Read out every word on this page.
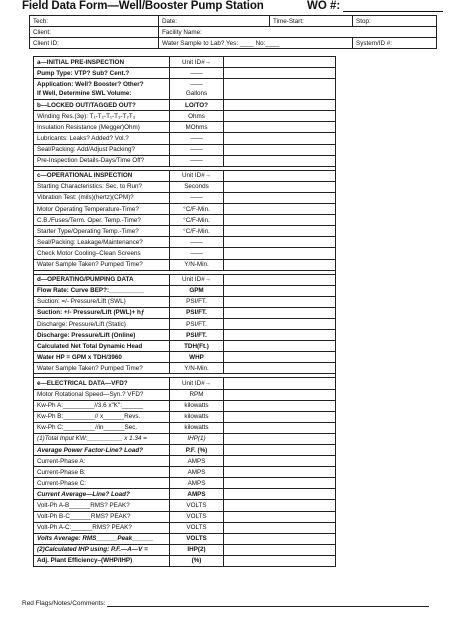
Field Data Form—Well/Booster Pump Station	WO #:
Tech:	Date:	Time-Start:	Stop:
Client:	Facility Name:		
Client ID:	Water Sample to Lab? Yes: ____ No:____		System/ID #:
a—INITIAL PRE-INSPECTION	Unit ID#→	
Pump Type: VTP? Sub? Cent.?	——	
Application: Well? Booster? Other?
If Well, Determine SWL Volume:	——
Gallons	
b—LOCKED OUT/TAGGED OUT?	LO/TO?	
Winding Res.(3φ): T₁-T₂-T₁-T₃-T₂T₃	Ohms	
Insulation Resistance (Megger)Ohm)	MOhms	
Lubricants: Leaks? Added? Vol.?	——	
Seal/Packing: Add/Adjust Packing?	——	
Pre-Inspection Details-Days/Time Off?	——	

c—OPERATIONAL INSPECTION	Unit ID#→	
Starting Characteristics: Sec. to Run?	Seconds	
Vibration Test: (mils)(hertz)(CPM)?	——	
Motor Operating Temperature-Time?	°C/F-Min.	
C.B./Fuses/Term. Oper. Temp.-Time?	°C/F-Min.	
Starter Type/Operating Temp.-Time?	°C/F-Min.	
Seal/Packing: Leakage/Maintenance?	——	
Check Motor Cooling–Clean Screens	——	
Water Sample Taken? Pumped Time?	Y/N-Min.	

d—OPERATING/PUMPING DATA	Unit ID#→	
Flow Rate: Curve BEP?:__________	GPM	
Suction: =/- Pressure/Lift (SWL)	PSI/FT.	
Suction: +/- Pressure/Lift (PWL)+ hƒ	PSI/FT.	
Discharge: Pressure/Lift (Static)	PSI/FT.	
Discharge: Pressure/Lift (Online)	PSI/FT.	
Calculated Net Total Dynamic Head	TDH(Ft.)	
Water HP = GPM x TDH/3960	WHP	
Water Sample Taken? Pumped Time?	Y/N-Min.	

e—ELECTRICAL DATA—VFD?	Unit ID#→	
Motor Rotational Speed—Syn.? VFD?	RPM	
Kw-Ph A:_________//3.6 x"K":______	kilowatts	
Kw-Ph B:_________// x______Revs.	kilowatts	
Kw-Ph C:_________//in______Sec.	kilowatts	
(1)Total Input KW:__________ x 1.34 =	IHP(1)	
Average Power Factor-Line? Load?	P.F. (%)	
Current-Phase A:	AMPS	
Current-Phase B:	AMPS	
Current-Phase C:	AMPS	
Current Average—Line? Load?	AMPS	
Volt-Ph A-B______RMS? PEAK?	VOLTS	
Volt-Ph B-C______RMS? PEAK?	VOLTS	
Volt-Ph A-C:______RMS? PEAK?	VOLTS	
Volts Average: RMS______Peak______	VOLTS	
(2)Calculated IHP using: P.F.—A—V =	IHP(2)	
Adj. Plant Efficiency–(WHP/IHP)	(%)	
Red Flags/Notes/Comments:
